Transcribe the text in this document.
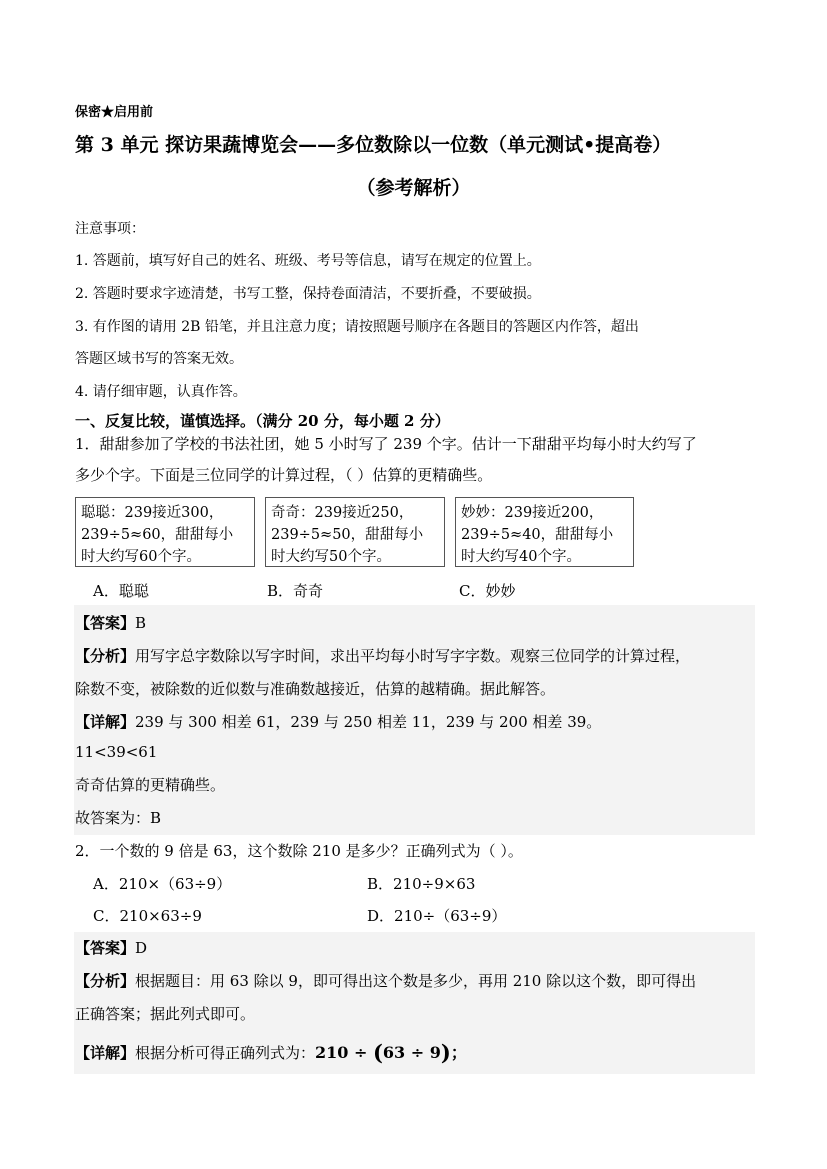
保密★启用前
第 3 单元 探访果蔬博览会——多位数除以一位数（单元测试•提高卷）
（参考解析）
注意事项：
1. 答题前，填写好自己的姓名、班级、考号等信息，请写在规定的位置上。
2. 答题时要求字迹清楚，书写工整，保持卷面清洁，不要折叠，不要破损。
3. 有作图的请用 2B 铅笔，并且注意力度；请按照题号顺序在各题目的答题区内作答，超出
答题区域书写的答案无效。
4. 请仔细审题，认真作答。
一、反复比较，谨慎选择。（满分 20 分，每小题 2 分）
1．甜甜参加了学校的书法社团，她 5 小时写了 239 个字。估计一下甜甜平均每小时大约写了
多少个字。下面是三位同学的计算过程，（ ）估算的更精确些。
聪聪：239接近300，
239÷5≈60，甜甜每小
时大约写60个字。
奇奇：239接近250，
239÷5≈50，甜甜每小
时大约写50个字。
妙妙：239接近200，
239÷5≈40，甜甜每小
时大约写40个字。
A．聪聪	B．奇奇	C．妙妙
【答案】B
【分析】用写字总字数除以写字时间，求出平均每小时写字字数。观察三位同学的计算过程，
除数不变，被除数的近似数与准确数越接近，估算的越精确。据此解答。
【详解】239 与 300 相差 61，239 与 250 相差 11，239 与 200 相差 39。
11<39<61
奇奇估算的更精确些。
故答案为：B
2．一个数的 9 倍是 63，这个数除 210 是多少？正确列式为（ ）。
A．210×（63÷9）	B．210÷9×63
C．210×63÷9	D．210÷（63÷9）
【答案】D
【分析】根据题目：用 63 除以 9，即可得出这个数是多少，再用 210 除以这个数，即可得出
正确答案；据此列式即可。
【详解】根据分析可得正确列式为：210 ÷ (63 ÷ 9)；
